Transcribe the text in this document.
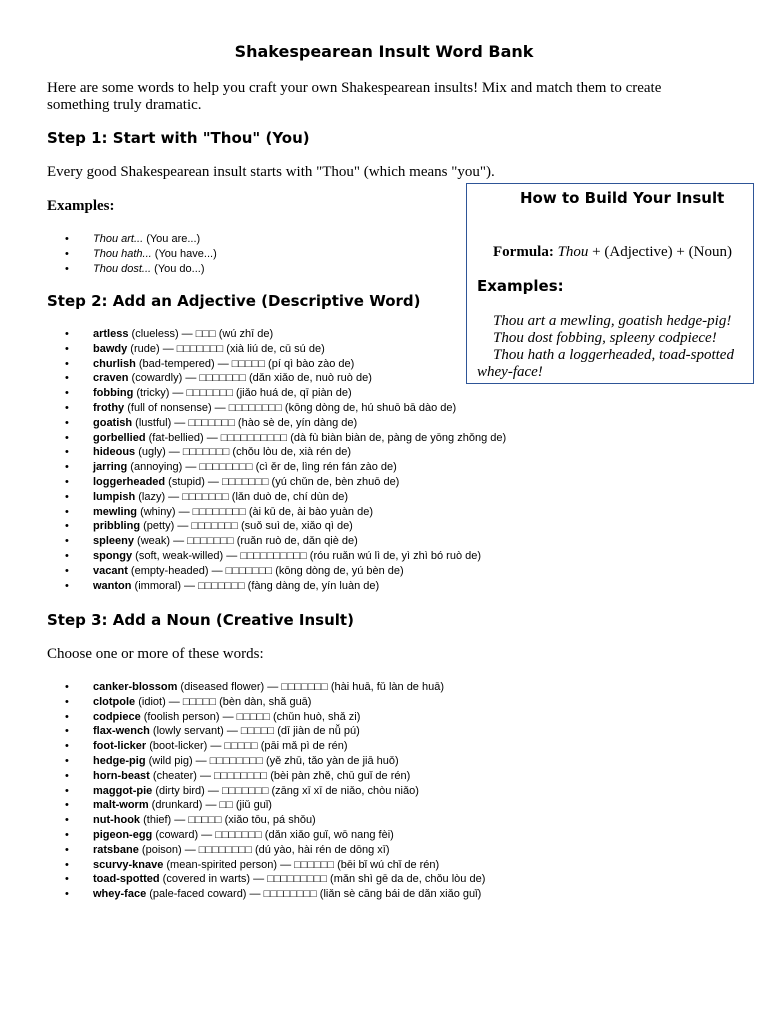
Shakespearean Insult Word Bank
Here are some words to help you craft your own Shakespearean insults! Mix and match them to create something truly dramatic.
Step 1: Start with "Thou" (You)
Every good Shakespearean insult starts with "Thou" (which means "you").
Examples:
• Thou art... (You are...)
• Thou hath... (You have...)
• Thou dost... (You do...)
Step 2: Add an Adjective (Descriptive Word)
• artless (clueless) — □□□ (wú zhī de)
• bawdy (rude) — □□□□□□□ (xià liú de, cū sú de)
• churlish (bad-tempered) — □□□□□ (pí qì bào zào de)
• craven (cowardly) — □□□□□□□ (dǎn xiǎo de, nuò ruò de)
• fobbing (tricky) — □□□□□□□ (jiǎo huá de, qī piàn de)
• frothy (full of nonsense) — □□□□□□□□ (kōng dòng de, hú shuō bā dào de)
• goatish (lustful) — □□□□□□□ (hào sè de, yín dàng de)
• gorbellied (fat-bellied) — □□□□□□□□□□ (dà fù biàn biàn de, pàng de yōng zhǒng de)
• hideous (ugly) — □□□□□□□ (chǒu lòu de, xià rén de)
• jarring (annoying) — □□□□□□□□ (cì ěr de, lìng rén fán zào de)
• loggerheaded (stupid) — □□□□□□□ (yú chǔn de, bèn zhuō de)
• lumpish (lazy) — □□□□□□□ (lǎn duò de, chí dùn de)
• mewling (whiny) — □□□□□□□□ (ài kū de, ài bào yuàn de)
• pribbling (petty) — □□□□□□□ (suǒ suì de, xiǎo qì de)
• spleeny (weak) — □□□□□□□ (ruǎn ruò de, dǎn qiè de)
• spongy (soft, weak-willed) — □□□□□□□□□□ (róu ruǎn wú lì de, yì zhì bó ruò de)
• vacant (empty-headed) — □□□□□□□ (kōng dòng de, yú bèn de)
• wanton (immoral) — □□□□□□□ (fàng dàng de, yín luàn de)
Step 3: Add a Noun (Creative Insult)
Choose one or more of these words:
• canker-blossom (diseased flower) — □□□□□□□ (hài huā, fǔ làn de huā)
• clotpole (idiot) — □□□□□ (bèn dàn, shǎ guā)
• codpiece (foolish person) — □□□□□ (chǔn huò, shǎ zi)
• flax-wench (lowly servant) — □□□□□ (dī jiàn de nǚ pú)
• foot-licker (boot-licker) — □□□□□ (pāi mǎ pì de rén)
• hedge-pig (wild pig) — □□□□□□□□ (yě zhū, tǎo yàn de jiā huǒ)
• horn-beast (cheater) — □□□□□□□□ (bèi pàn zhě, chū guǐ de rén)
• maggot-pie (dirty bird) — □□□□□□□ (zāng xī xī de niǎo, chòu niǎo)
• malt-worm (drunkard) — □□ (jiǔ guǐ)
• nut-hook (thief) — □□□□□ (xiǎo tōu, pá shǒu)
• pigeon-egg (coward) — □□□□□□□ (dǎn xiǎo guǐ, wō nang fèi)
• ratsbane (poison) — □□□□□□□□ (dú yào, hài rén de dōng xī)
• scurvy-knave (mean-spirited person) — □□□□□□ (bēi bǐ wú chǐ de rén)
• toad-spotted (covered in warts) — □□□□□□□□□ (mǎn shì gē da de, chǒu lòu de)
• whey-face (pale-faced coward) — □□□□□□□□ (liǎn sè cāng bái de dǎn xiǎo guǐ)
How to Build Your Insult
Formula: Thou + (Adjective) + (Noun)
Examples:
Thou art a mewling, goatish hedge-pig!
Thou dost fobbing, spleeny codpiece!
Thou hath a loggerheaded, toad-spotted whey-face!
